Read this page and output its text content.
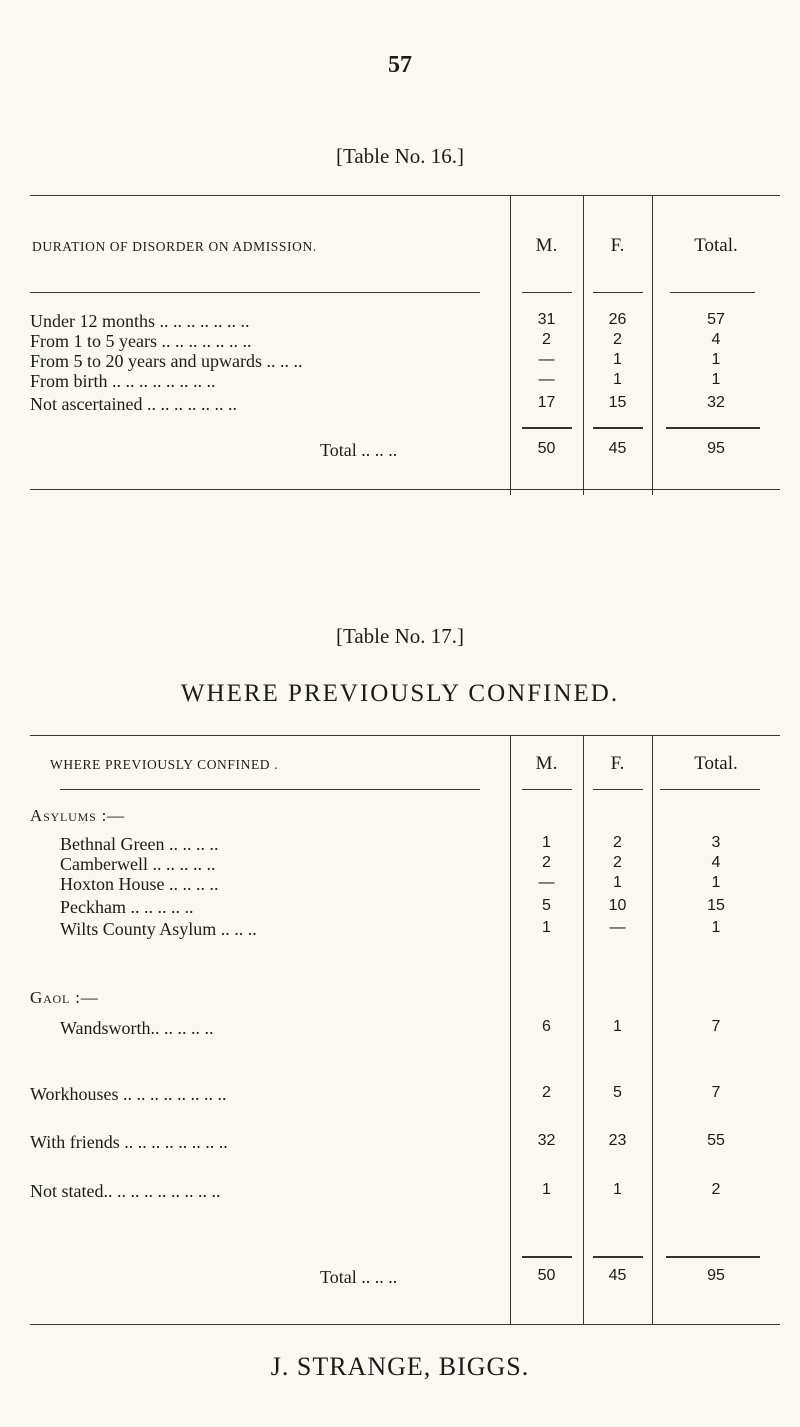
57
[Table No. 16.]
DURATION OF DISORDER ON ADMISSION.	M.	F.	Total.
Under 12 months .. .. .. .. .. .. ..	31	26	57
From 1 to 5 years .. .. .. .. .. .. ..	2	2	4
From 5 to 20 years and upwards .. .. ..	—	1	1
From birth .. .. .. .. .. .. .. ..	—	1	1
Not ascertained .. .. .. .. .. .. ..	17	15	32
Total .. .. ..	50	45	95
[Table No. 17.]
WHERE PREVIOUSLY CONFINED.
WHERE PREVIOUSLY CONFINED .	M.	F.	Total.
Asylums :—
Bethnal Green .. .. .. ..	1	2	3
Camberwell .. .. .. .. ..	2	2	4
Hoxton House .. .. .. ..	—	1	1
Peckham .. .. .. .. ..	5	10	15
Wilts County Asylum .. .. ..	1	—	1
Gaol :—
Wandsworth.. .. .. .. ..	6	1	7
Workhouses .. .. .. .. .. .. .. ..	2	5	7
With friends .. .. .. .. .. .. .. ..	32	23	55
Not stated.. .. .. .. .. .. .. .. ..	1	1	2
Total .. .. ..	50	45	95
J. STRANGE, BIGGS.
